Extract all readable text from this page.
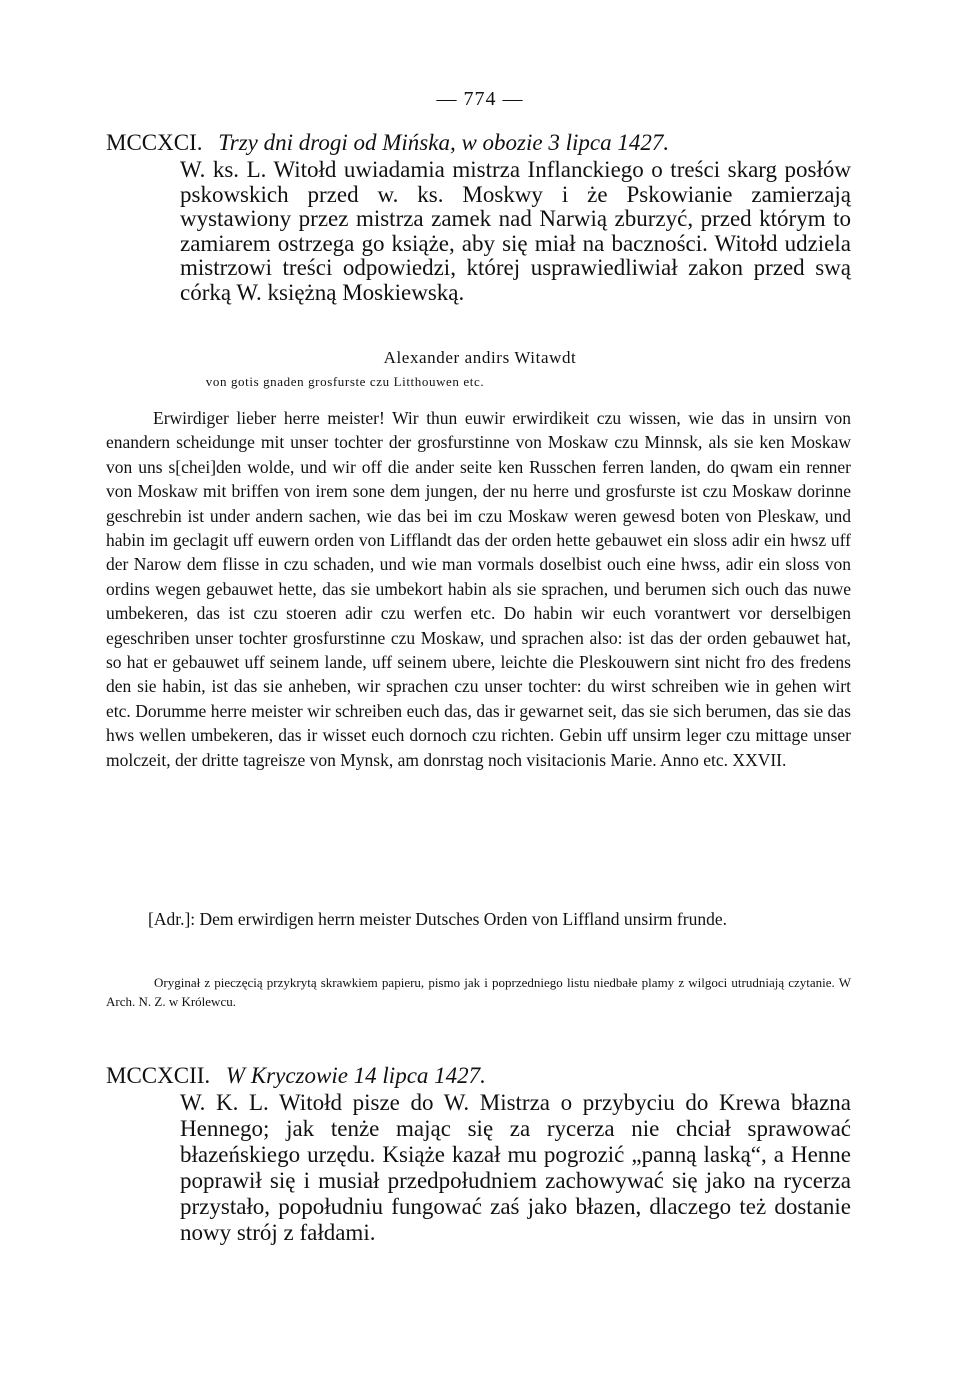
— 774 —
MCCXCI. Trzy dni drogi od Mińska, w obozie 3 lipca 1427.
W. ks. L. Witołd uwiadamia mistrza Inflanckiego o treści skarg posłów pskowskich przed w. ks. Moskwy i że Pskowianie zamierzają wystawiony przez mistrza zamek nad Narwią zburzyć, przed którym to zamiarem ostrzega go książe, aby się miał na baczności. Witołd udziela mistrzowi treści odpowiedzi, której usprawiedliwiał zakon przed swą córką W. księżną Moskiewską.
Alexander andirs Witawdt
von gotis gnaden grosfurste czu Litthouwen etc.

Erwirdiger lieber herre meister! Wir thun euwir erwirdikeit czu wissen, wie das in unsirn von enandern scheidunge mit unser tochter der grosfurstinne von Moskaw czu Minnsk, als sie ken Moskaw von uns s[chei]den wolde, und wir off die ander seite ken Russchen ferren landen, do qwam ein renner von Moskaw mit briffen von irem sone dem jungen, der nu herre und grosfurste ist czu Moskaw dorinne geschrebin ist under andern sachen, wie das bei im czu Moskaw weren gewesd boten von Pleskaw, und habin im geclagit uff euwern orden von Lifflandt das der orden hette gebauwet ein sloss adir ein hwsz uff der Narow dem flisse in czu schaden, und wie man vormals doselbist ouch eine hwss, adir ein sloss von ordins wegen gebauwet hette, das sie umbekort habin als sie sprachen, und berumen sich ouch das nuwe umbekeren, das ist czu stoeren adir czu werfen etc. Do habin wir euch vorantwert vor derselbigen egeschriben unser tochter grosfurstinne czu Moskaw, und sprachen also: ist das der orden gebauwet hat, so hat er gebauwet uff seinem lande, uff seinem ubere, leichte die Pleskouwern sint nicht fro des fredens den sie habin, ist das sie anheben, wir sprachen czu unser tochter: du wirst schreiben wie in gehen wirt etc. Dorumme herre meister wir schreiben euch das, das ir gewarnet seit, das sie sich berumen, das sie das hws wellen umbekeren, das ir wisset euch dornoch czu richten. Gebin uff unsirm leger czu mittage unser molczeit, der dritte tagreisze von Mynsk, am donrstag noch visitacionis Marie. Anno etc. XXVII.

[Adr.]: Dem erwirdigen herrn meister Dutsches Orden von Liffland unsirm frunde.

Oryginał z pieczęcią przykrytą skrawkiem papieru, pismo jak i poprzedniego listu niedbałe plamy z wilgoci utrudniają czytanie. W Arch. N. Z. w Królewcu.

MCCXCII. W Kryczowie 14 lipca 1427.
W. K. L. Witołd pisze do W. Mistrza o przybyciu do Krewa błazna Hennego; jak tenże mając się za rycerza nie chciał sprawować błazeńskiego urzędu. Książe kazał mu pogrozić „panną laską“, a Henne poprawił się i musiał przedpołudniem zachowywać się jako na rycerza przystało, popołudniu fungować zaś jako błazen, dlaczego też dostanie nowy strój z fałdami.
